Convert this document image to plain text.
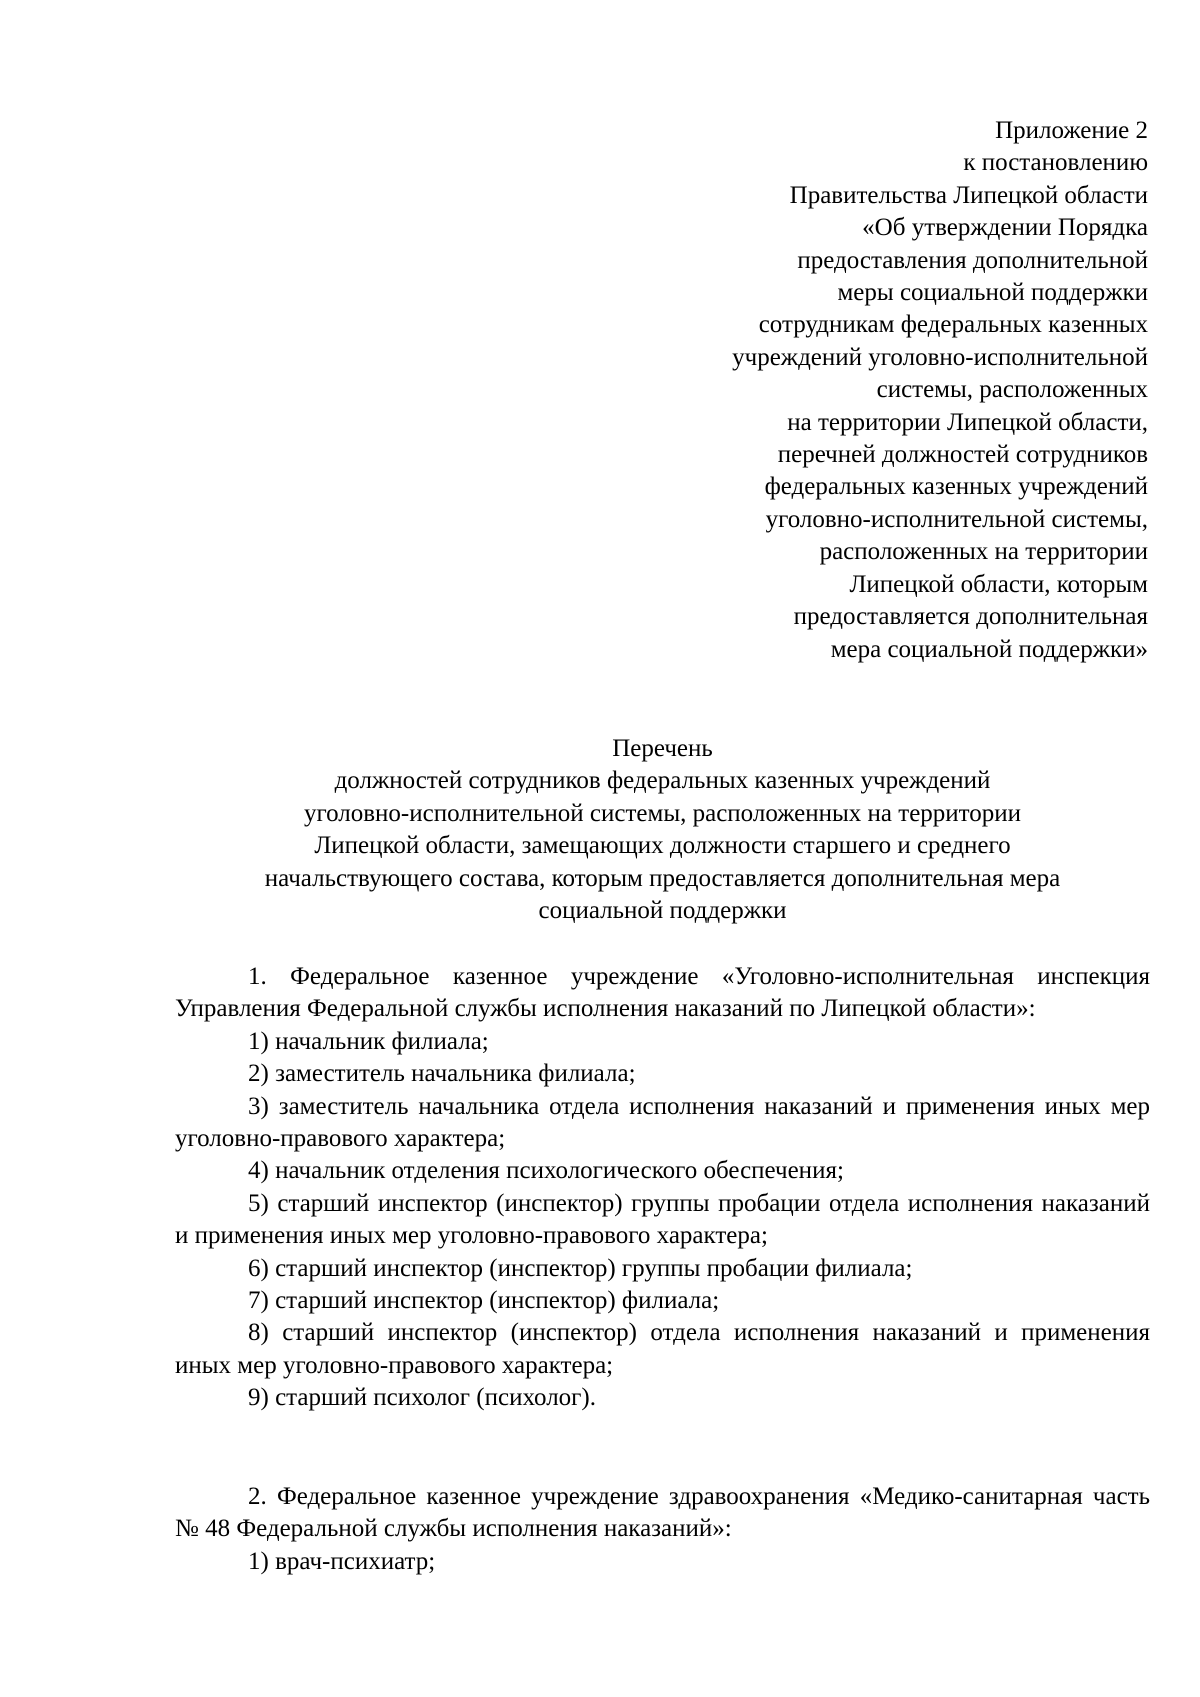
Приложение 2
к постановлению
Правительства Липецкой области
«Об утверждении Порядка
предоставления дополнительной
меры социальной поддержки
сотрудникам федеральных казенных
учреждений уголовно-исполнительной
системы, расположенных
на территории Липецкой области,
перечней должностей сотрудников
федеральных казенных учреждений
уголовно-исполнительной системы,
расположенных на территории
Липецкой области, которым
предоставляется дополнительная
мера социальной поддержки»
Перечень
должностей сотрудников федеральных казенных учреждений
уголовно-исполнительной системы, расположенных на территории
Липецкой области, замещающих должности старшего и среднего
начальствующего состава, которым предоставляется дополнительная мера
социальной поддержки

1. Федеральное казенное учреждение «Уголовно-исполнительная инспекция Управления Федеральной службы исполнения наказаний по Липецкой области»:

1) начальник филиала;

2) заместитель начальника филиала;

3) заместитель начальника отдела исполнения наказаний и применения иных мер уголовно-правового характера;

4) начальник отделения психологического обеспечения;

5) старший инспектор (инспектор) группы пробации отдела исполнения наказаний и применения иных мер уголовно-правового характера;

6) старший инспектор (инспектор) группы пробации филиала;

7) старший инспектор (инспектор) филиала;

8) старший инспектор (инспектор) отдела исполнения наказаний и применения иных мер уголовно-правового характера;

9) старший психолог (психолог).

2. Федеральное казенное учреждение здравоохранения «Медико-санитарная часть № 48 Федеральной службы исполнения наказаний»:

1) врач-психиатр;
